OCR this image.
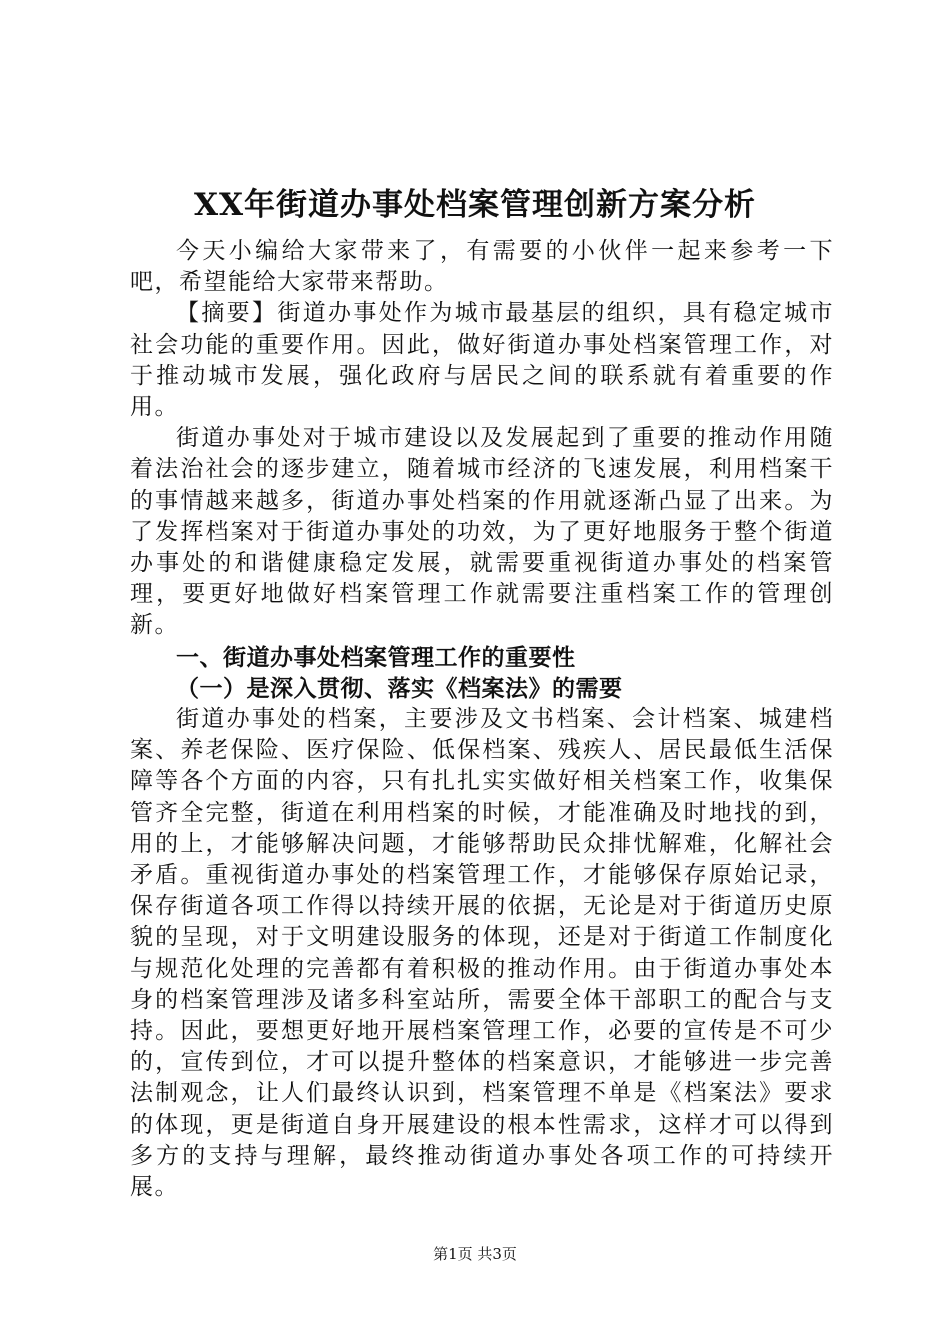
XX年街道办事处档案管理创新方案分析

今天小编给大家带来了，有需要的小伙伴一起来参考一下吧，希望能给大家带来帮助。

【摘要】街道办事处作为城市最基层的组织，具有稳定城市社会功能的重要作用。因此，做好街道办事处档案管理工作，对于推动城市发展，强化政府与居民之间的联系就有着重要的作用。

街道办事处对于城市建设以及发展起到了重要的推动作用随着法治社会的逐步建立，随着城市经济的飞速发展，利用档案干的事情越来越多，街道办事处档案的作用就逐渐凸显了出来。为了发挥档案对于街道办事处的功效，为了更好地服务于整个街道办事处的和谐健康稳定发展，就需要重视街道办事处的档案管理，要更好地做好档案管理工作就需要注重档案工作的管理创新。

一、街道办事处档案管理工作的重要性

（一）是深入贯彻、落实《档案法》的需要

街道办事处的档案，主要涉及文书档案、会计档案、城建档案、养老保险、医疗保险、低保档案、残疾人、居民最低生活保障等各个方面的内容，只有扎扎实实做好相关档案工作，收集保管齐全完整，街道在利用档案的时候，才能准确及时地找的到，用的上，才能够解决问题，才能够帮助民众排忧解难，化解社会矛盾。重视街道办事处的档案管理工作，才能够保存原始记录，保存街道各项工作得以持续开展的依据，无论是对于街道历史原貌的呈现，对于文明建设服务的体现，还是对于街道工作制度化与规范化处理的完善都有着积极的推动作用。由于街道办事处本身的档案管理涉及诸多科室站所，需要全体干部职工的配合与支持。因此，要想更好地开展档案管理工作，必要的宣传是不可少的，宣传到位，才可以提升整体的档案意识，才能够进一步完善法制观念，让人们最终认识到，档案管理不单是《档案法》要求的体现，更是街道自身开展建设的根本性需求，这样才可以得到多方的支持与理解，最终推动街道办事处各项工作的可持续开展。

第1页 共3页
